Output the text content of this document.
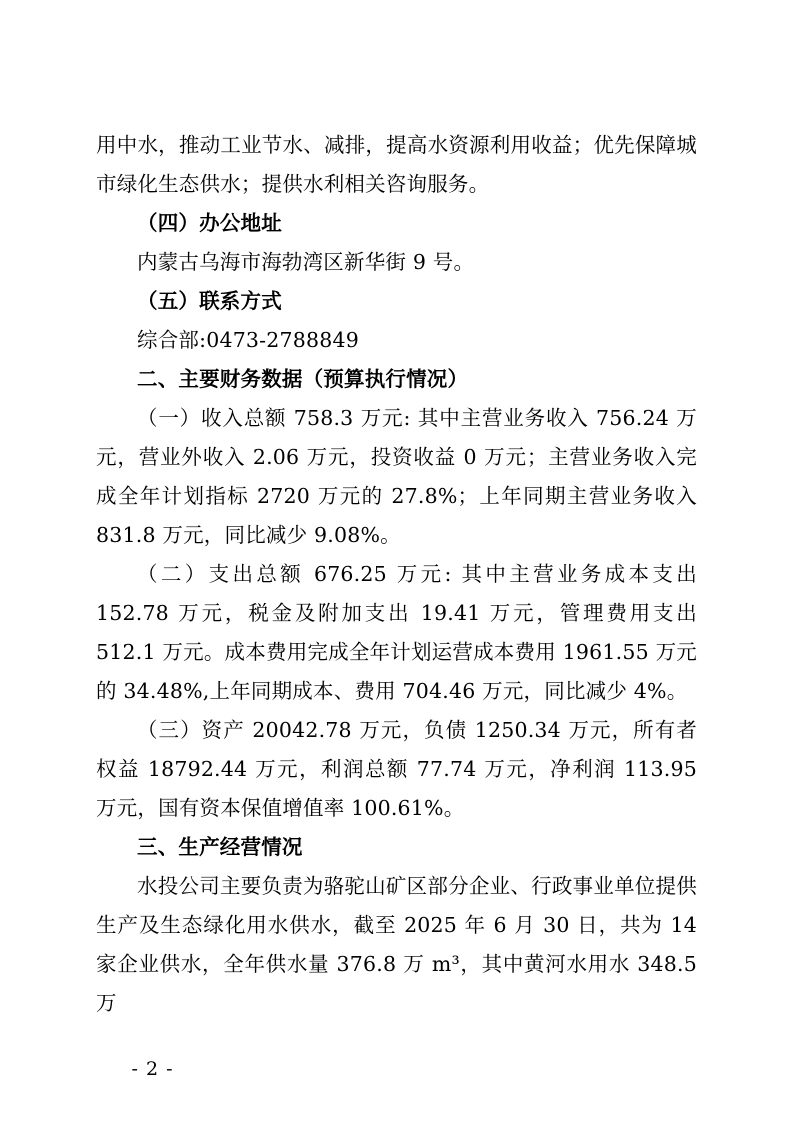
用中水，推动工业节水、减排，提高水资源利用收益；优先保障城市绿化生态供水；提供水利相关咨询服务。

（四）办公地址

内蒙古乌海市海勃湾区新华街 9 号。

（五）联系方式

综合部:0473-2788849

二、主要财务数据（预算执行情况）

（一）收入总额 758.3 万元: 其中主营业务收入 756.24 万元，营业外收入 2.06 万元，投资收益 0 万元；主营业务收入完成全年计划指标 2720 万元的 27.8%；上年同期主营业务收入 831.8 万元，同比减少 9.08%。

（二）支出总额 676.25 万元: 其中主营业务成本支出 152.78 万元，税金及附加支出 19.41 万元，管理费用支出 512.1 万元。成本费用完成全年计划运营成本费用 1961.55 万元的 34.48%,上年同期成本、费用 704.46 万元，同比减少 4%。

（三）资产 20042.78 万元，负债 1250.34 万元，所有者权益 18792.44 万元，利润总额 77.74 万元，净利润 113.95 万元，国有资本保值增值率 100.61%。

三、生产经营情况

水投公司主要负责为骆驼山矿区部分企业、行政事业单位提供生产及生态绿化用水供水，截至 2025 年 6 月 30 日，共为 14 家企业供水，全年供水量 376.8 万 m³，其中黄河水用水 348.5 万

- 2 -
